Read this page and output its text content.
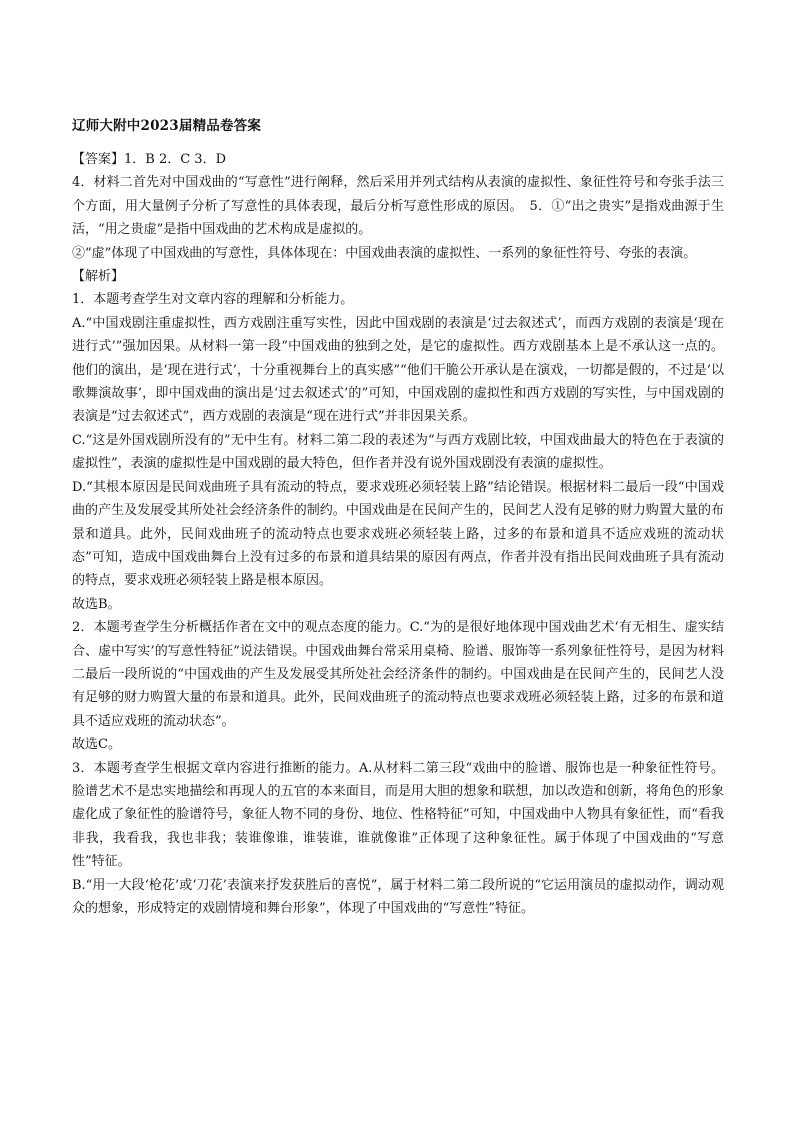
辽师大附中2023届精品卷答案

【答案】1．B 2．C 3．D

4．材料二首先对中国戏曲的“写意性”进行阐释，然后采用并列式结构从表演的虚拟性、象征性符号和夸张手法三个方面，用大量例子分析了写意性的具体表现，最后分析写意性形成的原因。　5．①“出之贵实”是指戏曲源于生活，“用之贵虚”是指中国戏曲的艺术构成是虚拟的。

②“虚”体现了中国戏曲的写意性，具体体现在：中国戏曲表演的虚拟性、一系列的象征性符号、夸张的表演。

【解析】

1．本题考查学生对文章内容的理解和分析能力。

A.“中国戏剧注重虚拟性，西方戏剧注重写实性，因此中国戏剧的表演是‘过去叙述式’，而西方戏剧的表演是‘现在进行式’”强加因果。从材料一第一段“中国戏曲的独到之处，是它的虚拟性。西方戏剧基本上是不承认这一点的。他们的演出，是‘现在进行式’，十分重视舞台上的真实感”“他们干脆公开承认是在演戏，一切都是假的，不过是‘以歌舞演故事’，即中国戏曲的演出是‘过去叙述式’的”可知，中国戏剧的虚拟性和西方戏剧的写实性，与中国戏剧的表演是“过去叙述式”，西方戏剧的表演是“现在进行式”并非因果关系。

C.“这是外国戏剧所没有的”无中生有。材料二第二段的表述为“与西方戏剧比较，中国戏曲最大的特色在于表演的虚拟性”，表演的虚拟性是中国戏剧的最大特色，但作者并没有说外国戏剧没有表演的虚拟性。

D.“其根本原因是民间戏曲班子具有流动的特点，要求戏班必须轻装上路”结论错误。根据材料二最后一段“中国戏曲的产生及发展受其所处社会经济条件的制约。中国戏曲是在民间产生的，民间艺人没有足够的财力购置大量的布景和道具。此外，民间戏曲班子的流动特点也要求戏班必须轻装上路，过多的布景和道具不适应戏班的流动状态”可知，造成中国戏曲舞台上没有过多的布景和道具结果的原因有两点，作者并没有指出民间戏曲班子具有流动的特点，要求戏班必须轻装上路是根本原因。

故选B。

2．本题考查学生分析概括作者在文中的观点态度的能力。C.“为的是很好地体现中国戏曲艺术‘有无相生、虚实结合、虚中写实’的写意性特征”说法错误。中国戏曲舞台常采用桌椅、脸谱、服饰等一系列象征性符号，是因为材料二最后一段所说的“中国戏曲的产生及发展受其所处社会经济条件的制约。中国戏曲是在民间产生的，民间艺人没有足够的财力购置大量的布景和道具。此外，民间戏曲班子的流动特点也要求戏班必须轻装上路，过多的布景和道具不适应戏班的流动状态”。

故选C。

3．本题考查学生根据文章内容进行推断的能力。A.从材料二第三段“戏曲中的脸谱、服饰也是一种象征性符号。脸谱艺术不是忠实地描绘和再现人的五官的本来面目，而是用大胆的想象和联想，加以改造和创新，将角色的形象虚化成了象征性的脸谱符号，象征人物不同的身份、地位、性格特征”可知，中国戏曲中人物具有象征性，而“看我非我，我看我，我也非我；装谁像谁，谁装谁，谁就像谁”正体现了这种象征性。属于体现了中国戏曲的“写意性”特征。

B.“用一大段‘枪花’或‘刀花’表演来抒发获胜后的喜悦”，属于材料二第二段所说的“它运用演员的虚拟动作，调动观众的想象，形成特定的戏剧情境和舞台形象”，体现了中国戏曲的“写意性”特征。
